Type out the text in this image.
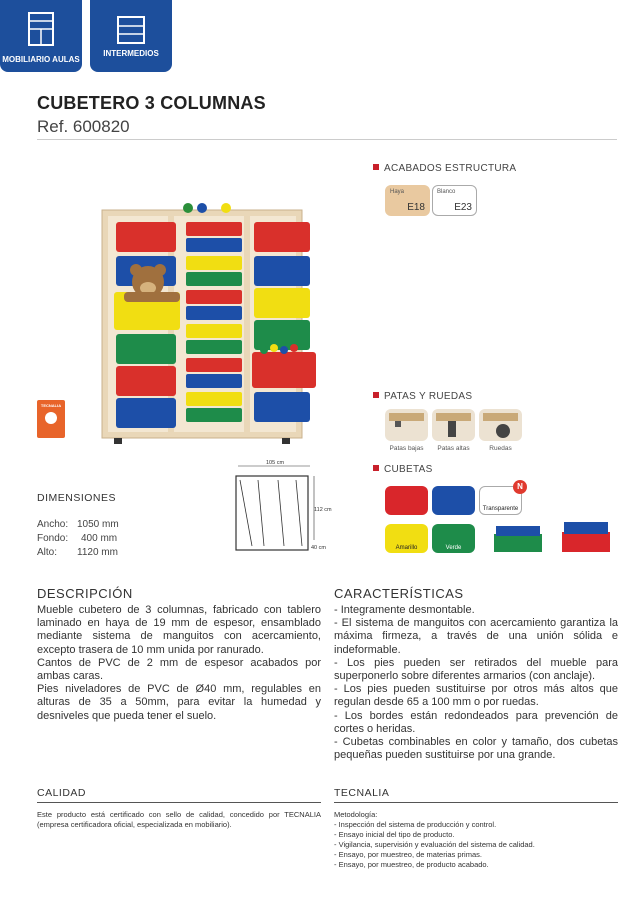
MOBILIARIO AULAS
INTERMEDIOS
CUBETERO 3 COLUMNAS
Ref. 600820
TECNALIA
ACABADOS ESTRUCTURA
Haya
E18
Blanco
E23
PATAS Y RUEDAS
Patas bajas	Patas altas	Ruedas
CUBETAS
Transparente
N
Amarillo	Verde
DIMENSIONES
Ancho: 1050 mm
Fondo: 400 mm
Alto: 1120 mm
105 cm
112 cm
40 cm
DESCRIPCIÓN
Mueble cubetero de 3 columnas, fabricado con tablero laminado en haya de 19 mm de espesor, ensamblado mediante sistema de manguitos con acercamiento, excepto trasera de 10 mm unida por ranurado.
Cantos de PVC de 2 mm de espesor acabados por ambas caras.
Pies niveladores de PVC de Ø40 mm, regulables en alturas de 35 a 50mm, para evitar la humedad y desniveles que pueda tener el suelo.
CARACTERÍSTICAS
- Integramente desmontable.
- El sistema de manguitos con acercamiento garantiza la máxima firmeza, a través de una unión sólida e indeformable.
- Los pies pueden ser retirados del mueble para superponerlo sobre diferentes armarios (con anclaje).
- Los pies pueden sustituirse por otros más altos que regulan desde 65 a 100 mm o por ruedas.
- Los bordes están redondeados para prevención de cortes o heridas.
- Cubetas combinables en color y tamaño, dos cubetas pequeñas pueden sustituirse por una grande.
CALIDAD
Este producto está certificado con sello de calidad, concedido por TECNALIA (empresa certificadora oficial, especializada en mobiliario).
TECNALIA
Metodología:
- Inspección del sistema de producción y control.
- Ensayo inicial del tipo de producto.
- Vigilancia, supervisión y evaluación del sistema de calidad.
- Ensayo, por muestreo, de materias primas.
- Ensayo, por muestreo, de producto acabado.
